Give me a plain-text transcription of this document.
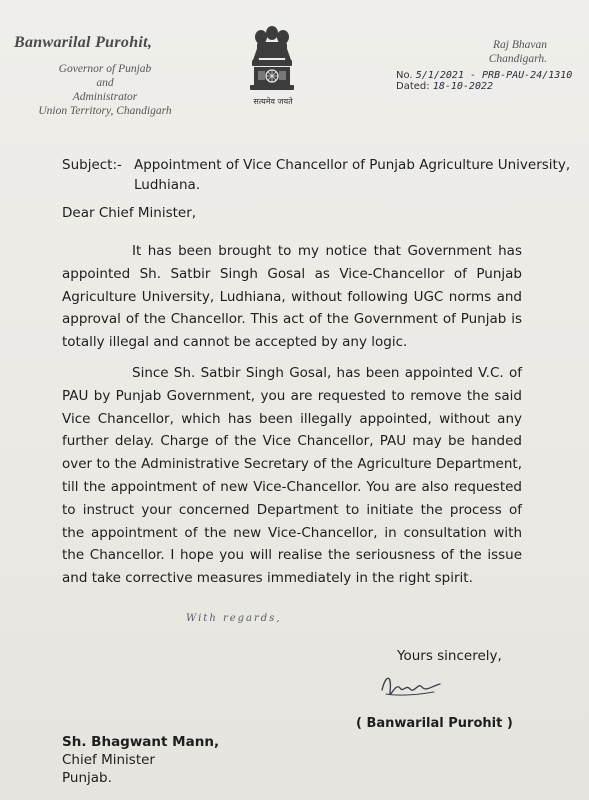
Banwarilal Purohit,
Governor of Punjab
and
Administrator
Union Territory, Chandigarh
सत्यमेव जयते
Raj Bhavan
Chandigarh.
No. 5/1/2021 - PRB-PAU-24/1310
Dated: 18-10-2022
Subject:- Appointment of Vice Chancellor of Punjab Agriculture University, Ludhiana.
Dear Chief Minister,

It has been brought to my notice that Government has appointed Sh. Satbir Singh Gosal as Vice-Chancellor of Punjab Agriculture University, Ludhiana, without following UGC norms and approval of the Chancellor. This act of the Government of Punjab is totally illegal and cannot be accepted by any logic.

Since Sh. Satbir Singh Gosal, has been appointed V.C. of PAU by Punjab Government, you are requested to remove the said Vice Chancellor, which has been illegally appointed, without any further delay. Charge of the Vice Chancellor, PAU may be handed over to the Administrative Secretary of the Agriculture Department, till the appointment of new Vice-Chancellor. You are also requested to instruct your concerned Department to initiate the process of the appointment of the new Vice-Chancellor, in consultation with the Chancellor. I hope you will realise the seriousness of the issue and take corrective measures immediately in the right spirit.

With regards,
Yours sincerely,
( Banwarilal Purohit )
Sh. Bhagwant Mann,
Chief Minister
Punjab.
